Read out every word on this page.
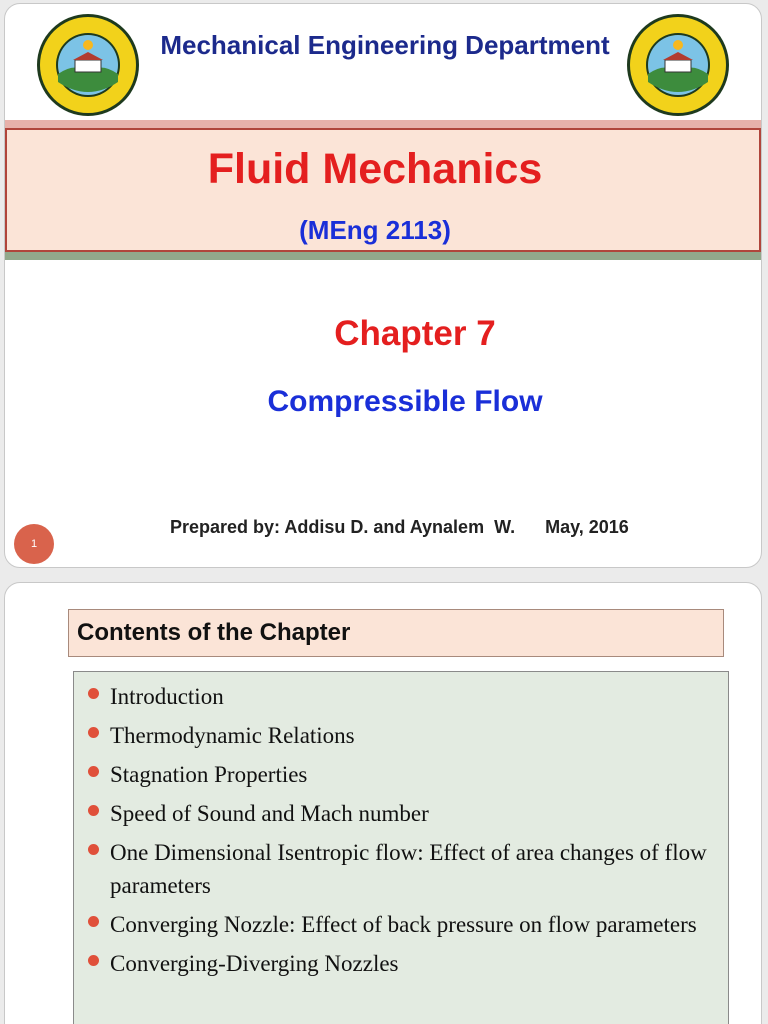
Mechanical Engineering Department
Fluid Mechanics
(MEng 2113)
Chapter 7
Compressible Flow
Prepared by: Addisu D. and Aynalem  W.      May, 2016
1
Contents of the Chapter
Introduction
Thermodynamic Relations
Stagnation Properties
Speed of Sound and Mach number
One Dimensional Isentropic flow: Effect of area changes of flow parameters
Converging Nozzle: Effect of back pressure on flow parameters
Converging-Diverging Nozzles
